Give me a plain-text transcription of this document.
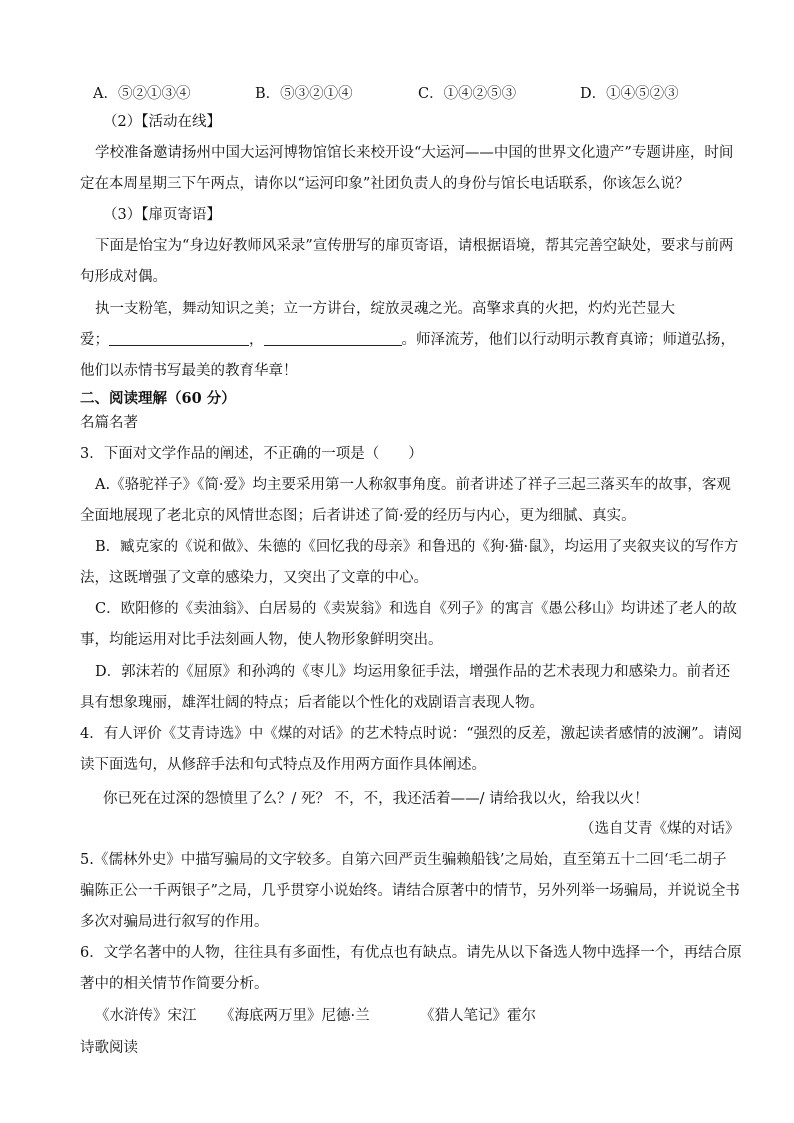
A．⑤②①③④	B．⑤③②①④	C．①④②⑤③	D．①④⑤②③
（2）【活动在线】
学校准备邀请扬州中国大运河博物馆馆长来校开设“大运河——中国的世界文化遗产”专题讲座，时间
定在本周星期三下午两点，请你以“运河印象”社团负责人的身份与馆长电话联系，你该怎么说？
（3）【扉页寄语】
下面是怡宝为“身边好教师风采录”宣传册写的扉页寄语，请根据语境，帮其完善空缺处，要求与前两
句形成对偶。
执一支粉笔，舞动知识之美；立一方讲台，绽放灵魂之光。高擎求真的火把，灼灼光芒显大
爱；	，	。师泽流芳，他们以行动明示教育真谛；师道弘扬，
他们以赤情书写最美的教育华章！
二、阅读理解（60 分）
名篇名著
3．下面对文学作品的阐述，不正确的一项是（　　）
A.《骆驼祥子》《简·爱》均主要采用第一人称叙事角度。前者讲述了祥子三起三落买车的故事，客观
全面地展现了老北京的风情世态图；后者讲述了简·爱的经历与内心，更为细腻、真实。
B．臧克家的《说和做》、朱德的《回忆我的母亲》和鲁迅的《狗·猫·鼠》，均运用了夹叙夹议的写作方
法，这既增强了文章的感染力，又突出了文章的中心。
C．欧阳修的《卖油翁》、白居易的《卖炭翁》和选自《列子》的寓言《愚公移山》均讲述了老人的故
事，均能运用对比手法刻画人物，使人物形象鲜明突出。
D．郭沫若的《屈原》和孙鸿的《枣儿》均运用象征手法，增强作品的艺术表现力和感染力。前者还
具有想象瑰丽，雄浑壮阔的特点；后者能以个性化的戏剧语言表现人物。
4．有人评价《艾青诗选》中《煤的对话》的艺术特点时说：“强烈的反差，激起读者感情的波澜”。请阅
读下面选句，从修辞手法和句式特点及作用两方面作具体阐述。
你已死在过深的怨愤里了么？/ 死？ 不，不，我还活着——/ 请给我以火，给我以火！
（选自艾青《煤的对话》
5.《儒林外史》中描写骗局的文字较多。自第六回严贡生骗赖船钱’之局始，直至第五十二回‘毛二胡子
骗陈正公一千两银子”之局，几乎贯穿小说始终。请结合原著中的情节，另外列举一场骗局，并说说全书
多次对骗局进行叙写的作用。
6．文学名著中的人物，往往具有多面性，有优点也有缺点。请先从以下备选人物中选择一个，再结合原
著中的相关情节作简要分析。
《水浒传》宋江 《海底两万里》尼德·兰	《猎人笔记》霍尔
诗歌阅读
